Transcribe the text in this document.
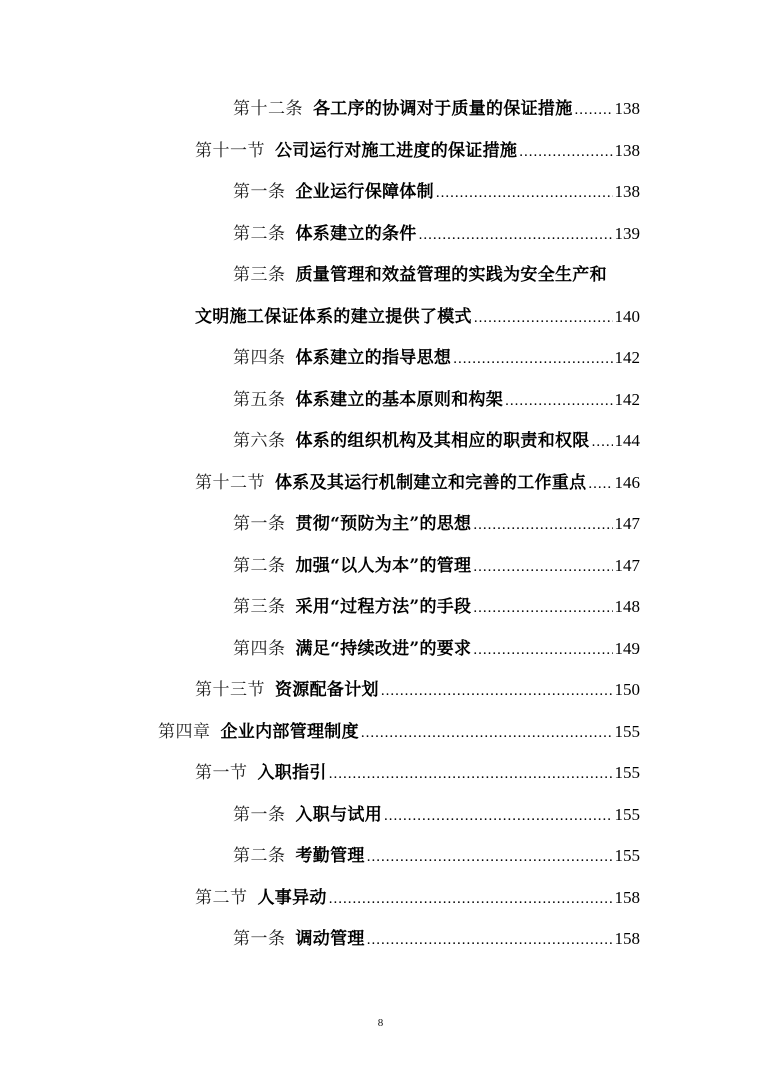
第十二条 各工序的协调对于质量的保证措施 ..... 138
第十一节 公司运行对施工进度的保证措施 .....	138
第一条 企业运行保障体制 .....	138
第二条 体系建立的条件 .....	139
第三条 质量管理和效益管理的实践为安全生产和
文明施工保证体系的建立提供了模式 .....	140
第四条 体系建立的指导思想 .....	142
第五条 体系建立的基本原则和构架 .....	142
第六条 体系的组织机构及其相应的职责和权限 ..... 144
第十二节 体系及其运行机制建立和完善的工作重点 ..... 146
第一条 贯彻“预防为主”的思想 .....	147
第二条 加强“以人为本”的管理 .....	147
第三条 采用“过程方法”的手段 .....	148
第四条 满足“持续改进”的要求 .....	149
第十三节 资源配备计划 .....	150
第四章 企业内部管理制度 .....	155
第一节 入职指引 .....	155
第一条 入职与试用 .....	155
第二条 考勤管理 .....	155
第二节 人事异动 .....	158
第一条 调动管理 .....	158
8
